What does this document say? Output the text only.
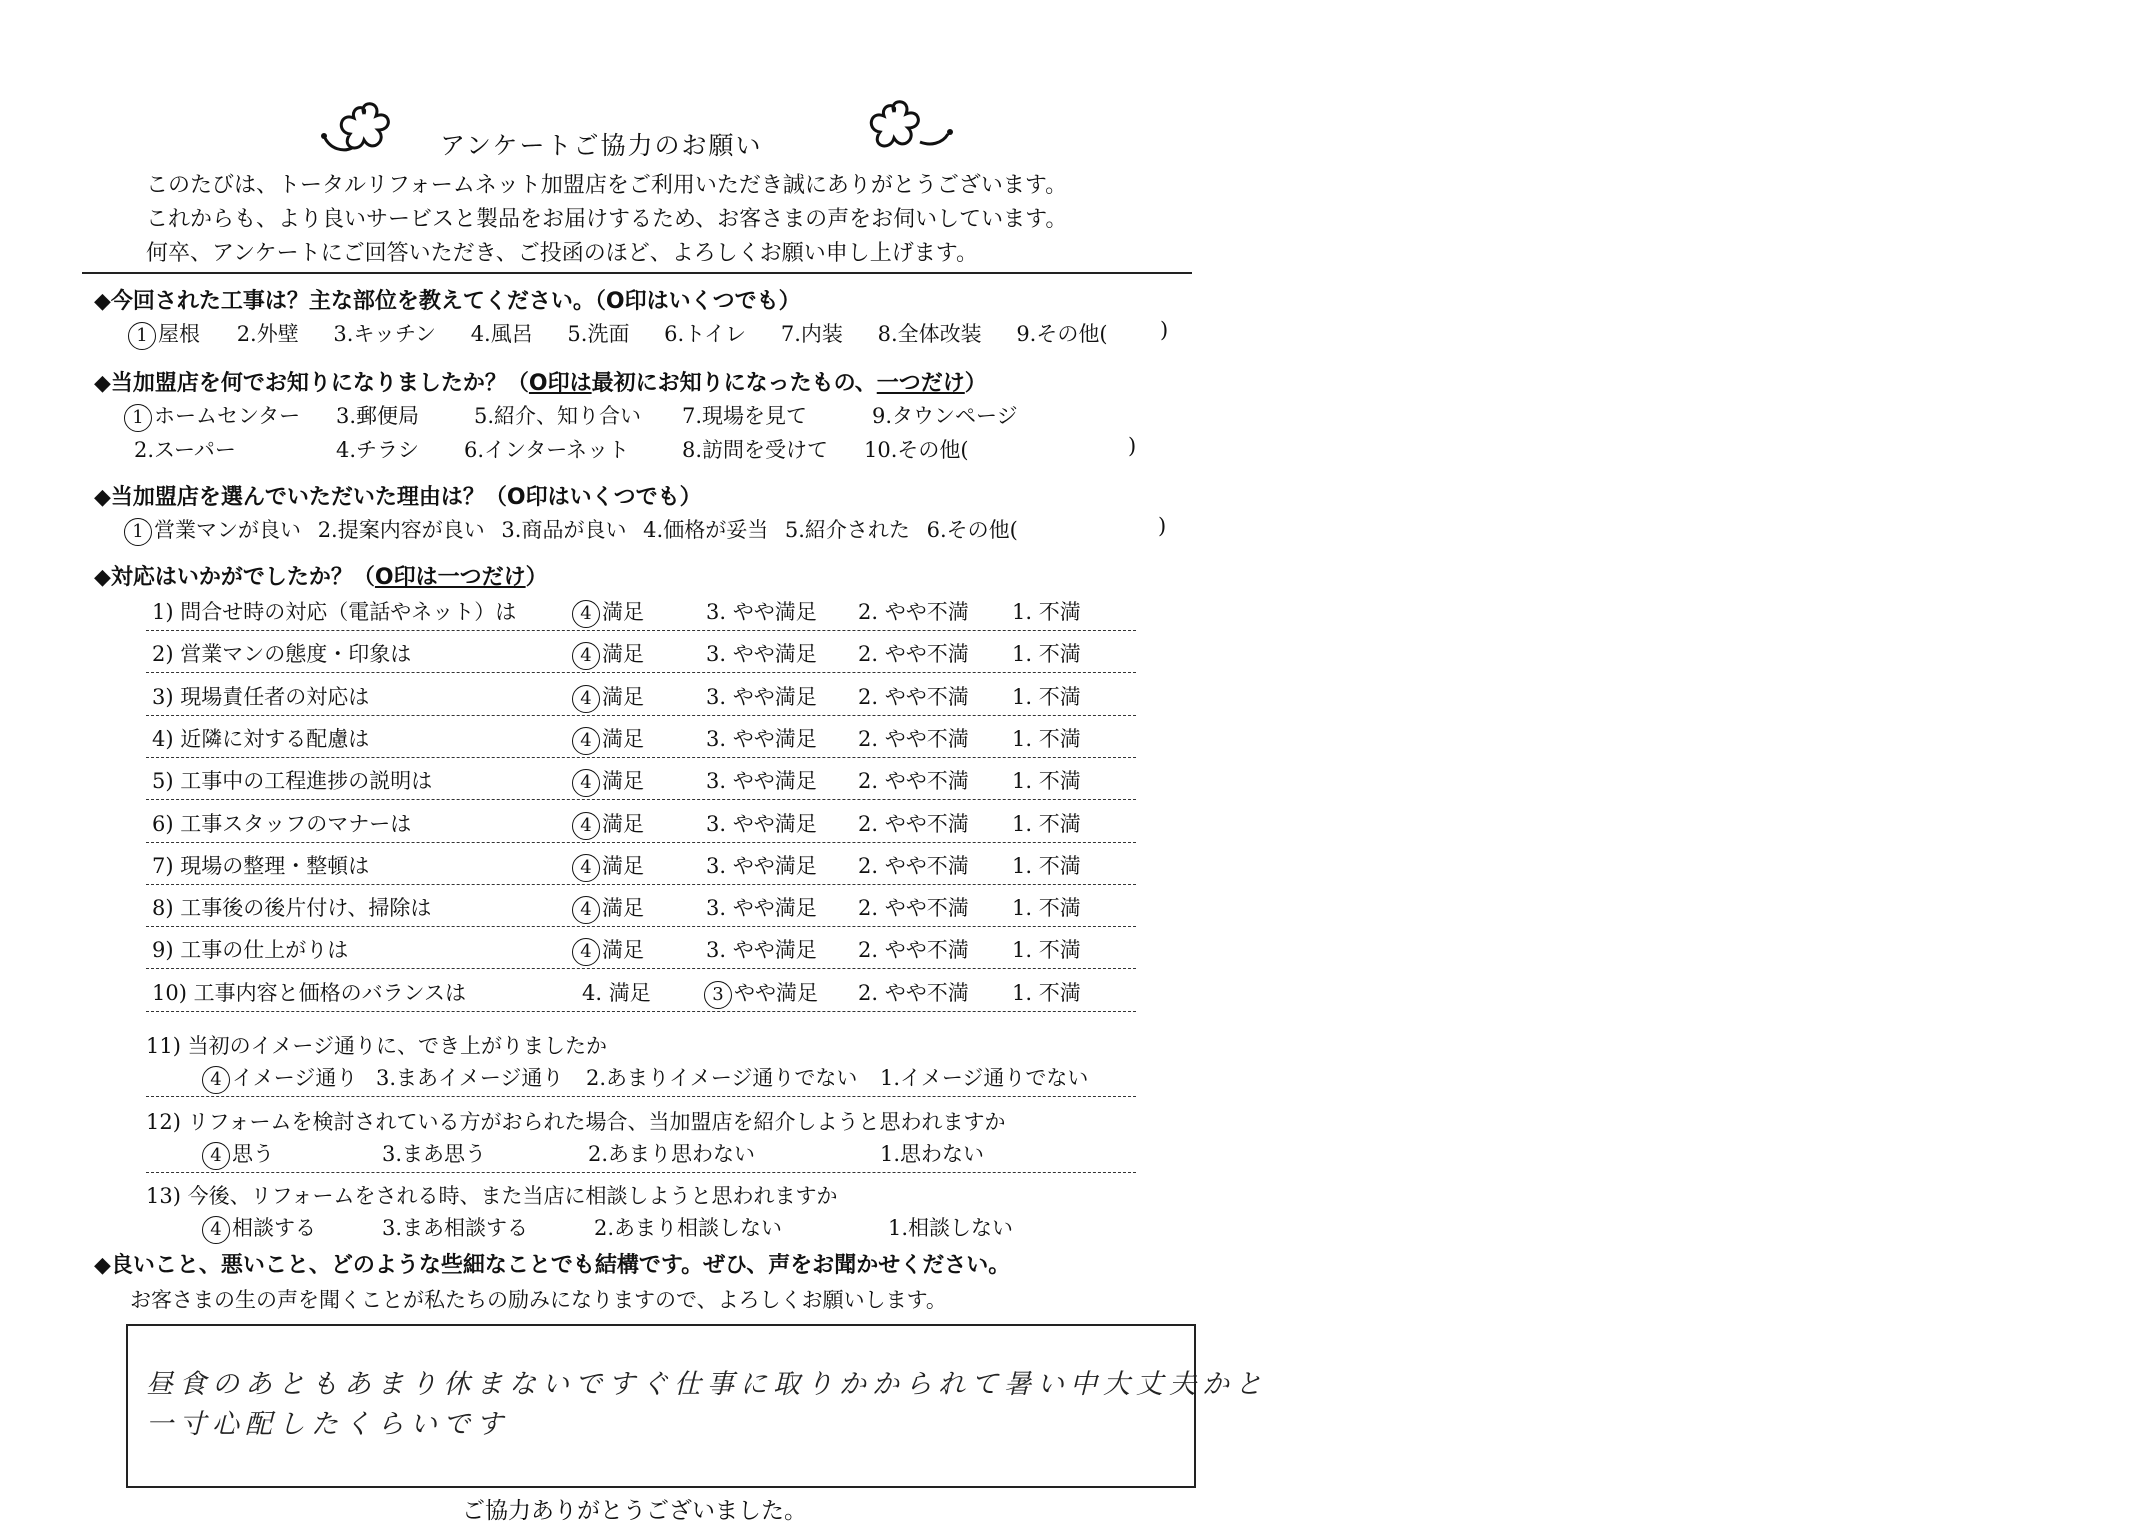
アンケートご協力のお願い
このたびは、トータルリフォームネット加盟店をご利用いただき誠にありがとうございます。
これからも、より良いサービスと製品をお届けするため、お客さまの声をお伺いしています。
何卒、アンケートにご回答いただき、ご投函のほど、よろしくお願い申し上げます。
◆今回された工事は？主な部位を教えてください。（O印はいくつでも）
1 屋根 2.外壁 3.キッチン 4.風呂 5.洗面 6.トイレ 7.内装 8.全体改装 9.その他( )
◆当加盟店を何でお知りになりましたか？（O印は最初にお知りになったもの、一つだけ）
1 ホームセンター 3.郵便局	5.紹介、知り合い 7.現場を見て	9.タウンページ
2.スーパー	4.チラシ 6.インターネット	8.訪問を受けて 10.その他(	)
◆当加盟店を選んでいただいた理由は？（O印はいくつでも）
1 営業マンが良い 2.提案内容が良い 3.商品が良い 4.価格が妥当 5.紹介された 6.その他(	)
◆対応はいかがでしたか？（O印は一つだけ）
1) 問合せ時の対応（電話やネット）は	4 満足	3. やや満足 2. やや不満 1. 不満
2) 営業マンの態度・印象は	4 満足	3. やや満足 2. やや不満 1. 不満
3) 現場責任者の対応は	4 満足	3. やや満足 2. やや不満 1. 不満
4) 近隣に対する配慮は	4 満足	3. やや満足 2. やや不満 1. 不満
5) 工事中の工程進捗の説明は	4 満足	3. やや満足 2. やや不満 1. 不満
6) 工事スタッフのマナーは	4 満足	3. やや満足 2. やや不満 1. 不満
7) 現場の整理・整頓は	4 満足	3. やや満足 2. やや不満 1. 不満
8) 工事後の後片付け、掃除は	4 満足	3. やや満足 2. やや不満 1. 不満
9) 工事の仕上がりは	4 満足	3. やや満足 2. やや不満 1. 不満
10) 工事内容と価格のバランスは	4. 満足	3 やや満足 2. やや不満 1. 不満
11) 当初のイメージ通りに、でき上がりましたか
4 イメージ通り 3.まあイメージ通り 2.あまりイメージ通りでない 1.イメージ通りでない
12) リフォームを検討されている方がおられた場合、当加盟店を紹介しようと思われますか
4 思う	3.まあ思う	2.あまり思わない	1.思わない
13) 今後、リフォームをされる時、また当店に相談しようと思われますか
4 相談する	3.まあ相談する	2.あまり相談しない	1.相談しない
◆良いこと、悪いこと、どのような些細なことでも結構です。ぜひ、声をお聞かせください。
お客さまの生の声を聞くことが私たちの励みになりますので、よろしくお願いします。
昼食のあともあまり休まないですぐ仕事に取りかかられて暑い中大丈夫かと
一寸心配したくらいです
ご協力ありがとうございました。
